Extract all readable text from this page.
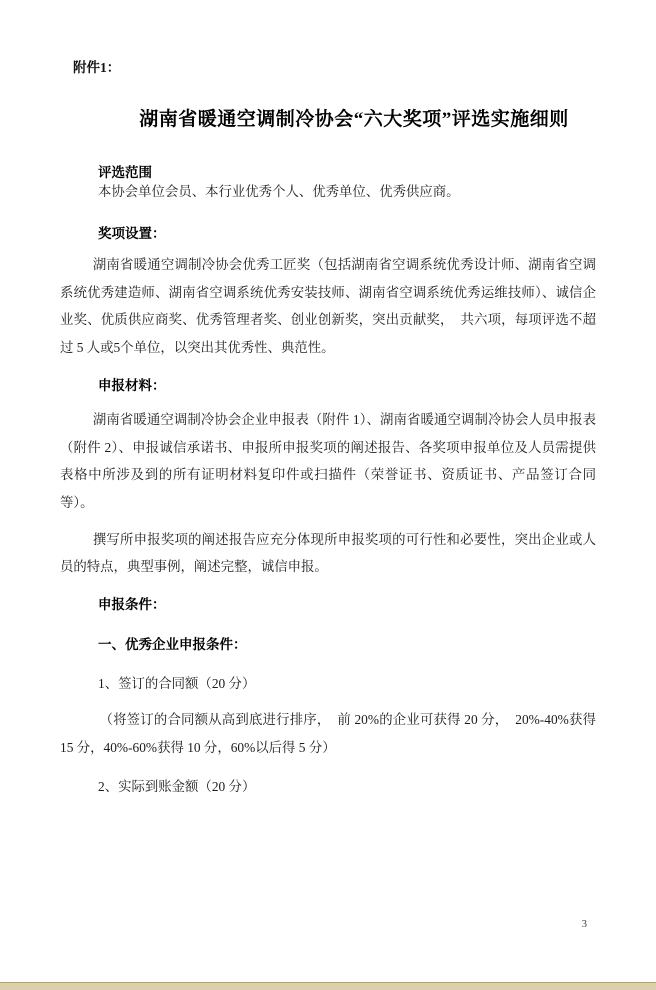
附件1：
湖南省暖通空调制冷协会“六大奖项”评选实施细则
评选范围
本协会单位会员、本行业优秀个人、优秀单位、优秀供应商。
奖项设置：
湖南省暖通空调制冷协会优秀工匠奖（包括湖南省空调系统优秀设计师、湖南省空调系统优秀建造师、湖南省空调系统优秀安装技师、湖南省空调系统优秀运维技师）、诚信企业奖、优质供应商奖、优秀管理者奖、创业创新奖，突出贡献奖，　共六项，每项评选不超过 5 人或5个单位，以突出其优秀性、典范性。
申报材料：
湖南省暖通空调制冷协会企业申报表（附件 1）、湖南省暖通空调制冷协会人员申报表（附件 2）、申报诚信承诺书、申报所申报奖项的阐述报告、各奖项申报单位及人员需提供表格中所涉及到的所有证明材料复印件或扫描件（荣誉证书、资质证书、产品签订合同等）。
撰写所申报奖项的阐述报告应充分体现所申报奖项的可行性和必要性，突出企业或人员的特点，典型事例，阐述完整，诚信申报。
申报条件：
一、优秀企业申报条件：
1、签订的合同额（20 分）
（将签订的合同额从高到底进行排序，　前 20%的企业可获得 20 分，　20%-40%获得 15 分，40%-60%获得 10 分，60%以后得 5 分）
2、实际到账金额（20 分）
3
